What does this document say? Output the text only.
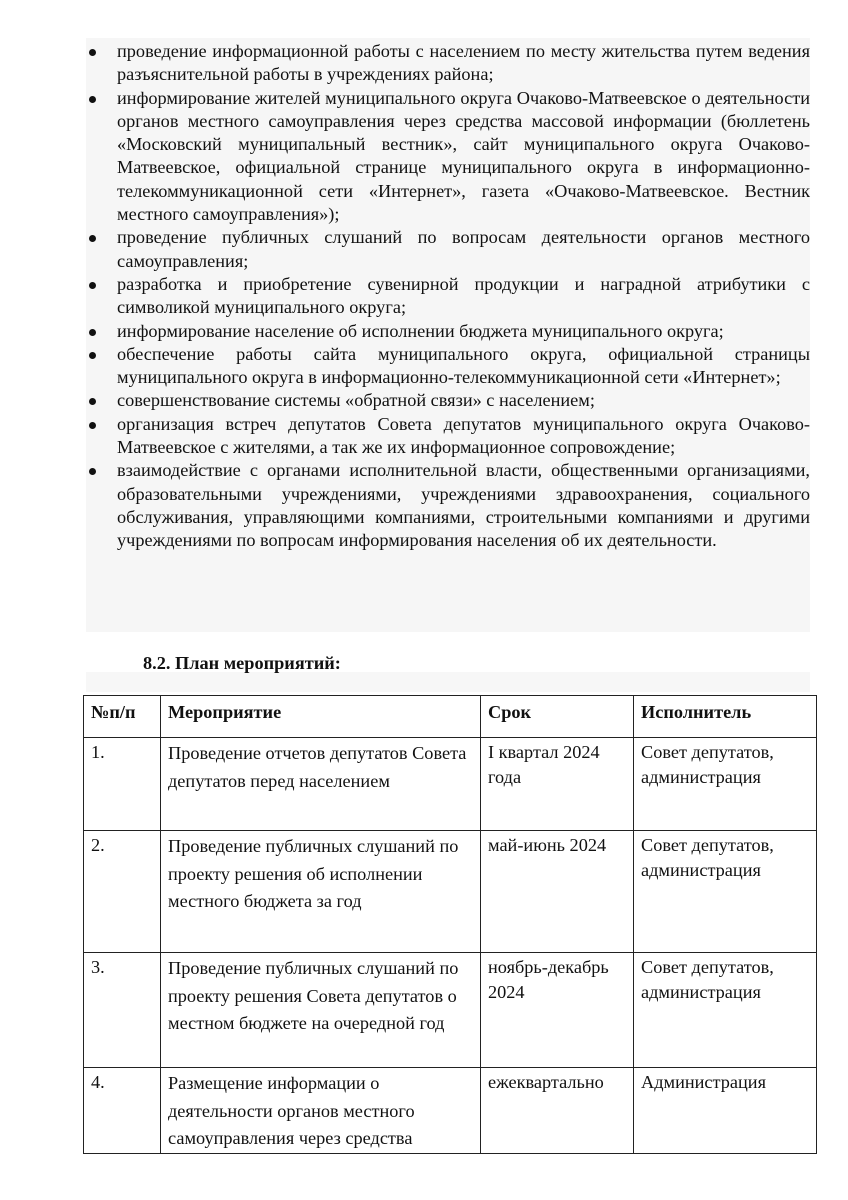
проведение информационной работы с населением по месту жительства путем ведения разъяснительной работы в учреждениях района;
информирование жителей муниципального округа Очаково-Матвеевское о деятельности органов местного самоуправления через средства массовой информации (бюллетень «Московский муниципальный вестник», сайт муниципального округа Очаково-Матвеевское, официальной странице муниципального округа в информационно-телекоммуникационной сети «Интернет», газета «Очаково-Матвеевское. Вестник местного самоуправления»);
проведение публичных слушаний по вопросам деятельности органов местного самоуправления;
разработка и приобретение сувенирной продукции и наградной атрибутики с символикой муниципального округа;
информирование население об исполнении бюджета муниципального округа;
обеспечение работы сайта муниципального округа, официальной страницы муниципального округа в информационно-телекоммуникационной сети «Интернет»;
совершенствование системы «обратной связи» с населением;
организация встреч депутатов Совета депутатов муниципального округа Очаково-Матвеевское с жителями, а так же их информационное сопровождение;
взаимодействие с органами исполнительной власти, общественными организациями, образовательными учреждениями, учреждениями здравоохранения, социального обслуживания, управляющими компаниями, строительными компаниями и другими учреждениями по вопросам информирования населения об их деятельности.
8.2. План мероприятий:
№п/п	Мероприятие	Срок	Исполнитель
1.	Проведение отчетов депутатов Совета депутатов перед населением	I квартал 2024 года	Совет депутатов, администрация
2.	Проведение публичных слушаний по проекту решения об исполнении местного бюджета за год	май-июнь 2024	Совет депутатов, администрация
3.	Проведение публичных слушаний по проекту решения Совета депутатов о местном бюджете на очередной год	ноябрь-декабрь 2024	Совет депутатов, администрация
4.	Размещение информации о деятельности органов местного самоуправления через средства	ежеквартально	Администрация
